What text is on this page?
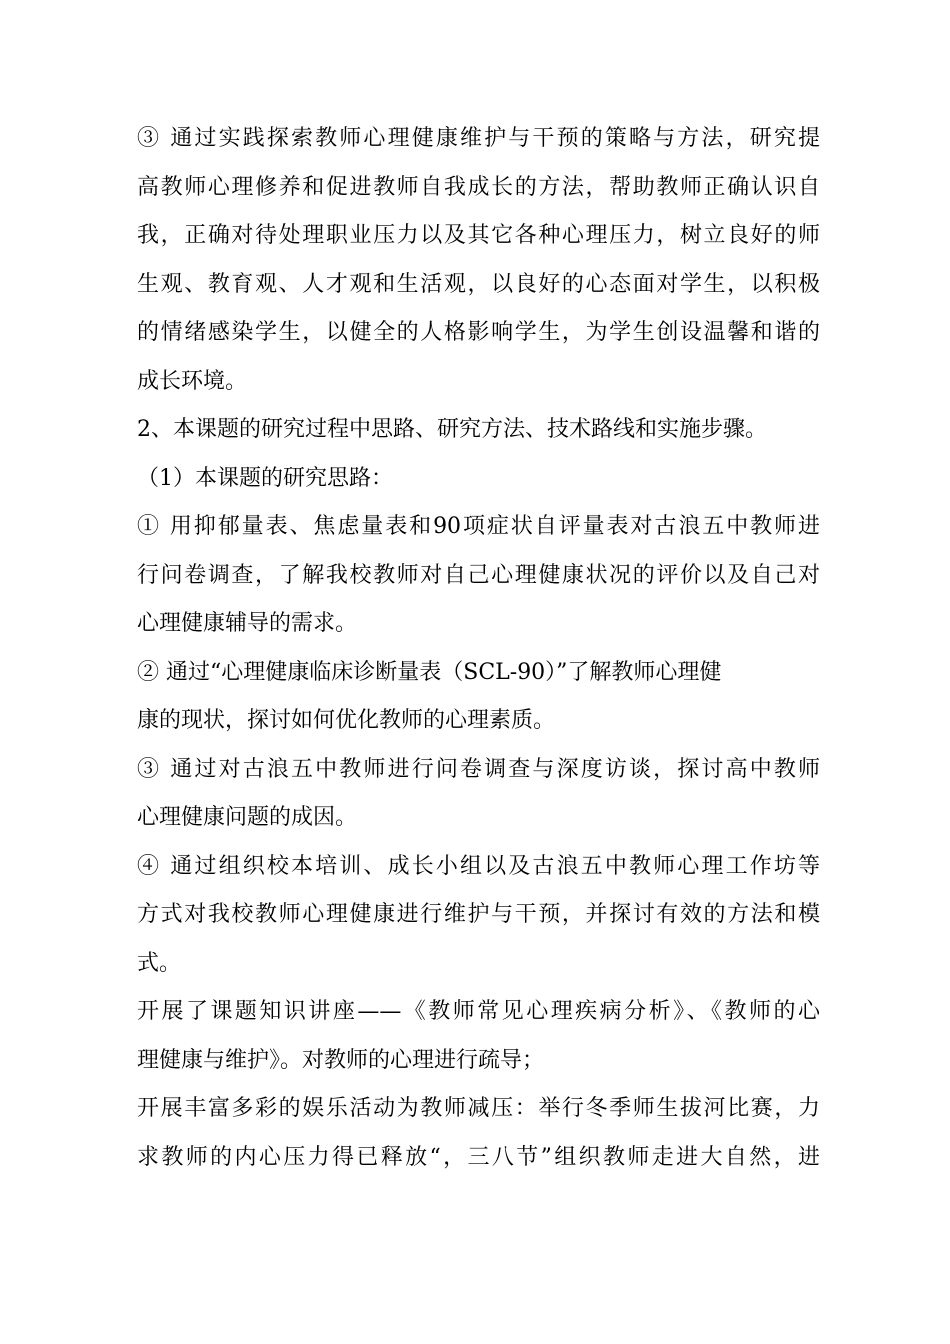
③ 通过实践探索教师心理健康维护与干预的策略与方法，研究提
高教师心理修养和促进教师自我成长的方法，帮助教师正确认识自
我，正确对待处理职业压力以及其它各种心理压力，树立良好的师
生观、教育观、人才观和生活观，以良好的心态面对学生，以积极
的情绪感染学生，以健全的人格影响学生，为学生创设温馨和谐的
成长环境。
2、本课题的研究过程中思路、研究方法、技术路线和实施步骤。
（1）本课题的研究思路：
① 用抑郁量表、焦虑量表和90项症状自评量表对古浪五中教师进
行问卷调查，了解我校教师对自己心理健康状况的评价以及自己对
心理健康辅导的需求。
② 通过“心理健康临床诊断量表（SCL-90）”了解教师心理健
康的现状，探讨如何优化教师的心理素质。
③ 通过对古浪五中教师进行问卷调查与深度访谈，探讨高中教师
心理健康问题的成因。
④ 通过组织校本培训、成长小组以及古浪五中教师心理工作坊等
方式对我校教师心理健康进行维护与干预，并探讨有效的方法和模
式。
开展了课题知识讲座——《教师常见心理疾病分析》、《教师的心
理健康与维护》。对教师的心理进行疏导；
开展丰富多彩的娱乐活动为教师减压：举行冬季师生拔河比赛，力
求教师的内心压力得已释放“，三八节”组织教师走进大自然，进
